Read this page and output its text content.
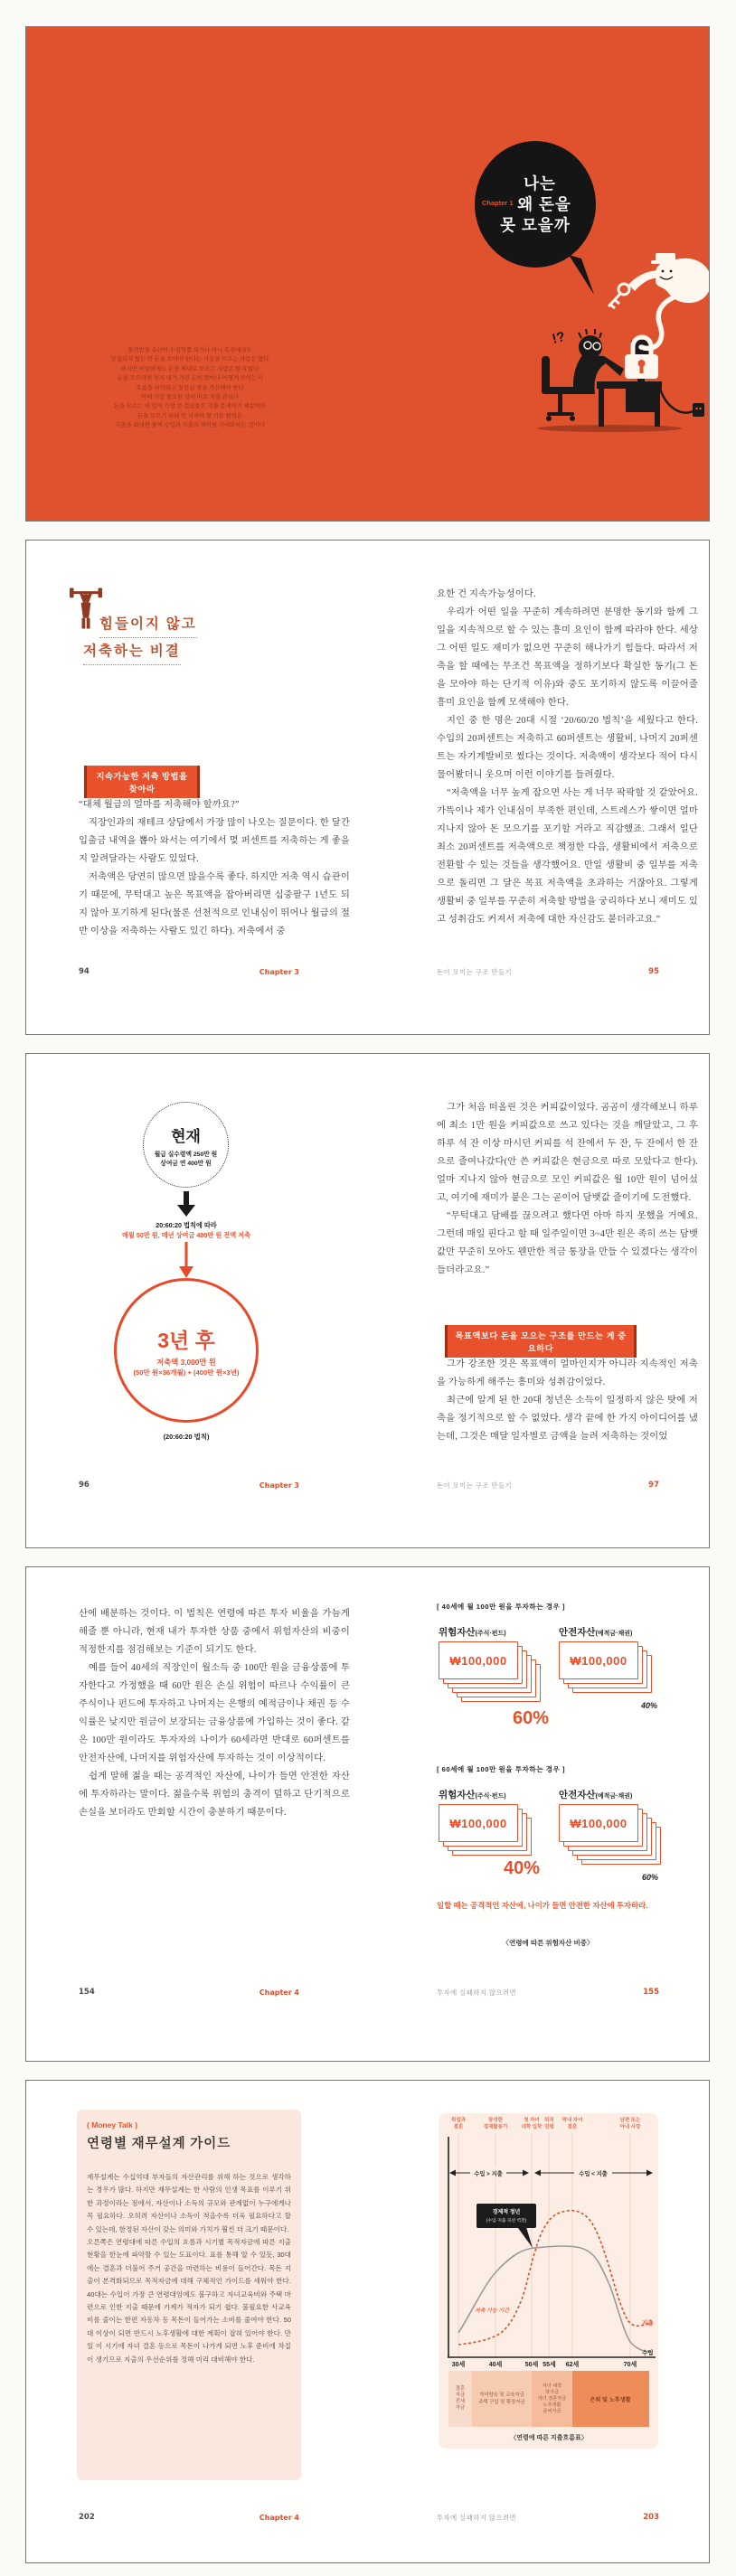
물려받을 유산이 수십억쯤 되거나 아니 복권에라도
당첨되지 않는 한 돈을 모아야 한다는 사실을 모르는 사람은 없다
하지만 이상하게도 돈을 제대로 모으는 사람은 많지 않다
돈을 모으려면 먼저 내가 가진 돈이 얼마나 어떻게 쓰이는지
흐름을 파악하고 잘못된 점을 개선해야 한다
이때 가장 중요한 것이 바로 지출 관리다
돈을 모으는 데 있어 가장 큰 걸림돌은 지출 문제이기 때문이다
돈을 모으기 위해 꼭 지켜야 할 기본 원칙은
지출을 최대한 줄여 수입과 지출의 차이를 극대화하는 것이다
Chapter 1
나는
왜 돈을
못 모을까
!?
힘들이지 않고
저축하는 비결
지속가능한 저축 방법을 찾아라

“대체 월급의 얼마를 저축해야 할까요?”

직장인과의 재테크 상담에서 가장 많이 나오는 질문이다. 한 달간 입출금 내역을 뽑아 와서는 여기에서 몇 퍼센트를 저축하는 게 좋을지 알려달라는 사람도 있었다.

저축액은 당연히 많으면 많을수록 좋다. 하지만 저축 역시 습관이기 때문에, 무턱대고 높은 목표액을 잡아버리면 십중팔구 1년도 되지 않아 포기하게 된다(물론 선천적으로 인내심이 뛰어나 월급의 절반 이상을 저축하는 사람도 있긴 하다). 저축에서 중

94	Chapter 3

요한 건 지속가능성이다.

우리가 어떤 일을 꾸준히 계속하려면 분명한 동기와 함께 그 일을 지속적으로 할 수 있는 흥미 요인이 함께 따라야 한다. 세상 그 어떤 일도 재미가 없으면 꾸준히 해나가기 힘들다. 따라서 저축을 할 때에는 무조건 목표액을 정하기보다 확실한 동기(그 돈을 모아야 하는 단기적 이유)와 중도 포기하지 않도록 이끌어줄 흥미 요인을 함께 모색해야 한다.

지인 중 한 명은 20대 시절 ‘20/60/20 법칙’을 세웠다고 한다. 수입의 20퍼센트는 저축하고 60퍼센트는 생활비, 나머지 20퍼센트는 자기계발비로 썼다는 것이다. 저축액이 생각보다 적어 다시 물어봤더니 웃으며 이런 이야기를 들려줬다.

“저축액을 너무 높게 잡으면 사는 게 너무 팍팍할 것 같았어요. 가뜩이나 제가 인내심이 부족한 편인데, 스트레스가 쌓이면 얼마 지나지 않아 돈 모으기를 포기할 거라고 직감했죠. 그래서 일단 최소 20퍼센트를 저축액으로 책정한 다음, 생활비에서 저축으로 전환할 수 있는 것들을 생각했어요. 만일 생활비 중 일부를 저축으로 돌리면 그 달은 목표 저축액을 초과하는 거잖아요. 그렇게 생활비 중 일부를 꾸준히 저축할 방법을 궁리하다 보니 재미도 있고 성취감도 커져서 저축에 대한 자신감도 붙더라고요.”

돈이 모이는 구조 만들기	95
현재
월급 실수령액 250만 원
상여금 연 400만 원
20:60:20 법칙에 따라
매월 50만 원, 매년 상여금 400만 원 전액 저축
3년 후
저축액 3,000만 원
(50만 원×36개월) + (400만 원×3년)
(20:60:20 법칙)
96	Chapter 3

그가 처음 떠올린 것은 커피값이었다. 곰곰이 생각해보니 하루에 최소 1만 원을 커피값으로 쓰고 있다는 것을 깨달았고, 그 후 하루 석 잔 이상 마시던 커피를 석 잔에서 두 잔, 두 잔에서 한 잔으로 줄여나갔다(안 쓴 커피값은 현금으로 따로 모았다고 한다). 얼마 지나지 않아 현금으로 모인 커피값은 월 10만 원이 넘어섰고, 여기에 재미가 붙은 그는 곧이어 담뱃값 줄이기에 도전했다.

“무턱대고 담배를 끊으려고 했다면 아마 하지 못했을 거예요. 그런데 매일 핀다고 할 때 일주일이면 3~4만 원은 족히 쓰는 담뱃값만 꾸준히 모아도 웬만한 적금 통장을 만들 수 있겠다는 생각이 들더라고요.”

목표액보다 돈을 모으는 구조를 만드는 게 중요하다

그가 강조한 것은 목표액이 얼마인지가 아니라 지속적인 저축을 가능하게 해주는 흥미와 성취감이었다.

최근에 알게 된 한 20대 청년은 소득이 일정하지 않은 탓에 저축을 정기적으로 할 수 없었다. 생각 끝에 한 가지 아이디어를 냈는데, 그것은 매달 일자별로 금액을 늘려 저축하는 것이었

돈이 모이는 구조 만들기	97

산에 배분하는 것이다. 이 법칙은 연령에 따른 투자 비율을 가늠게 해줄 뿐 아니라, 현재 내가 투자한 상품 중에서 위험자산의 비중이 적정한지를 점검해보는 기준이 되기도 한다.

예를 들어 40세의 직장인이 월소득 중 100만 원을 금융상품에 투자한다고 가정했을 때 60만 원은 손실 위험이 따르나 수익률이 큰 주식이나 펀드에 투자하고 나머지는 은행의 예적금이나 채권 등 수익률은 낮지만 원금이 보장되는 금융상품에 가입하는 것이 좋다. 같은 100만 원이라도 투자자의 나이가 60세라면 반대로 60퍼센트를 안전자산에, 나머지를 위험자산에 투자하는 것이 이상적이다.

쉽게 말해 젊을 때는 공격적인 자산에, 나이가 들면 안전한 자산에 투자하라는 말이다. 젊을수록 위험의 충격이 덜하고 단기적으로 손실을 보더라도 만회할 시간이 충분하기 때문이다.

154	Chapter 4
[ 40세에 월 100만 원을 투자하는 경우 ]
위험자산(주식·펀드)	안전자산(예적금·채권)
₩100,000
60%
₩100,000
40%
[ 60세에 월 100만 원을 투자하는 경우 ]
위험자산(주식·펀드)	안전자산(예적금·채권)
₩100,000
40%
₩100,000
60%
일할 때는 공격적인 자산에, 나이가 들면 안전한 자산에 투자하라.
〈연령에 따른 위험자산 비중〉
투자에 실패하지 않으려면	155
( Money Talk )
연령별 재무설계 가이드

재무설계는 수십억대 부자들의 자산관리를 위해 하는 것으로 생각하는 경우가 많다. 하지만 재무설계는 한 사람의 인생 목표를 이루기 위한 과정이라는 점에서, 자산이나 소득의 규모와 관계없이 누구에게나 꼭 필요하다. 오히려 자산이나 소득이 적을수록 더욱 필요하다고 할 수 있는데, 한정된 자산이 갖는 의미와 가치가 훨씬 더 크기 때문이다.

오른쪽은 연령대에 따른 수입의 흐름과 시기별 목적자금에 따른 지출 현황을 한눈에 파악할 수 있는 도표이다. 표를 통해 알 수 있듯, 30대에는 결혼과 더불어 주거 공간을 마련하는 비용이 들어간다. 목돈 지출이 본격화되므로 목적자금에 대해 구체적인 가이드를 세워야 한다. 40대는 수입이 가장 큰 연령대임에도 불구하고 자녀교육비와 주택 마련으로 인한 지출 때문에 가계가 적자가 되기 쉽다. 불필요한 사교육비를 줄이는 한편 자동차 등 목돈이 들어가는 소비를 줄여야 한다. 50대 이상이 되면 반드시 노후생활에 대한 계획이 잡혀 있어야 한다. 만일 이 시기에 자녀 결혼 등으로 목돈이 나가게 되면 노후 준비에 차질이 생기므로 지출의 우선순위를 정해 미리 대비해야 한다.

202	Chapter 4
취업과
결혼
왕성한
경제활동기
첫 자녀
대학 입학
퇴직
연령
막내 자녀
결혼
남편 또는
아내 사망
수입 > 지출	수입 < 지출
경제적 정년
(수입·지출 곡선 역전)
저축 가능 기간
지출
수입
30세	40세	50세 55세 62세	70세
결혼
자금
전세
자금
자녀양육 및 교육자금
주택 구입 및 확장자금
자녀 대학
학자금
자녀 결혼자금
노후생활
준비자금
은퇴 및 노후생활
〈연령에 따른 지출흐름표〉
투자에 실패하지 않으려면	203
